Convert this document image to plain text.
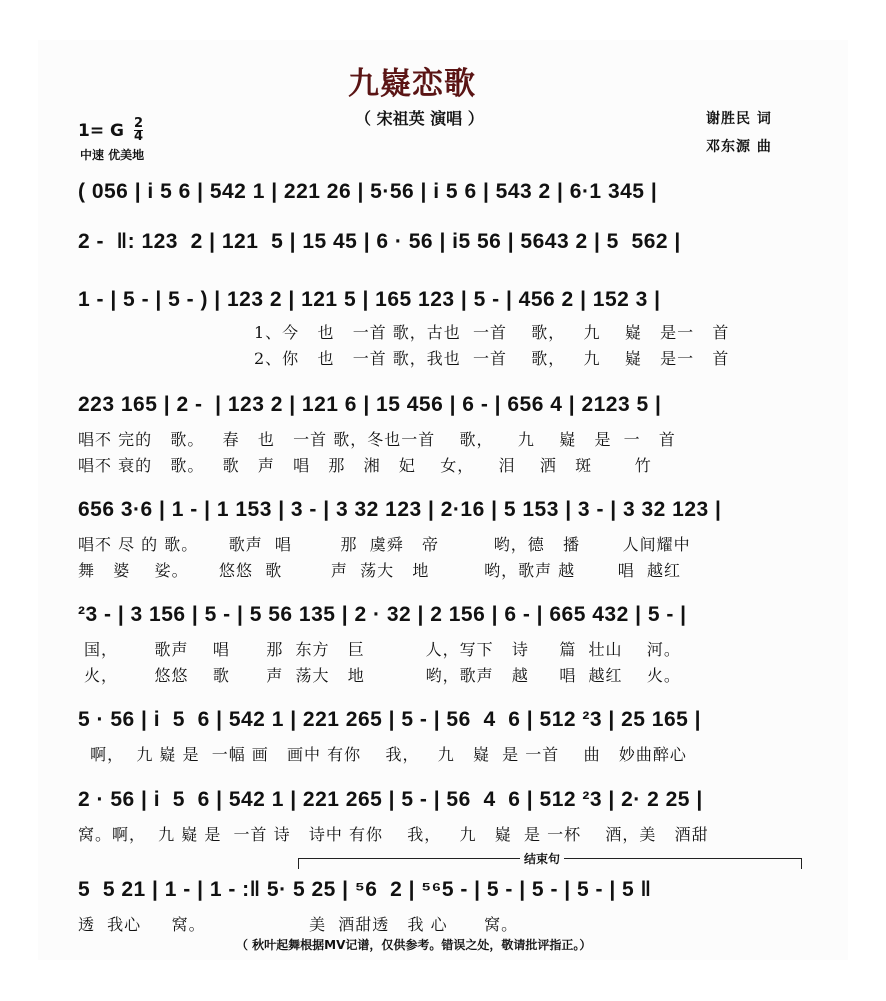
九嶷恋歌
（ 宋祖英 演唱 ）
1= G $\frac{2}{4}$
中速 优美地
谢胜民 词
邓东源 曲
( 056 | i 5 6 | 542 1 | 221 26 | 5·56 | i 5 6 | 543 2 | 6·1 345 |
2 -  ‖: 123  2 | 121  5 | 15 45 | 6 · 56 | i5 56 | 5643 2 | 5  562 |
1 - | 5 - | 5 - ) | 123 2 | 121 5 | 165 123 | 5 - | 456 2 | 152 3 |
1、今   也   一首 歌，古也  一首    歌，   九    嶷   是一   首
2、你   也   一首 歌，我也  一首    歌，   九    嶷   是一   首
223 165 | 2 -  | 123 2 | 121 6 | 15 456 | 6 - | 656 4 | 2123 5 |
唱不 完的   歌。   春   也   一首 歌，冬也一首    歌，    九    嶷   是  一   首
唱不 衰的   歌。   歌   声   唱   那   湘   妃    女，    泪    洒   斑       竹
656 3·6 | 1 - | 1 153 | 3 - | 3 32 123 | 2·16 | 5 153 | 3 - | 3 32 123 |
唱不 尽 的 歌。     歌声  唱        那  虞舜   帝         哟，德   播       人间耀中
舞   婆    娑。     悠悠  歌        声  荡大   地         哟，歌声 越       唱  越红
²3 - | 3 156 | 5 - | 5 56 135 | 2 · 32 | 2 156 | 6 - | 665 432 | 5 - |
国，      歌声    唱      那  东方   巨          人，写下   诗     篇  壮山    河。
火，      悠悠    歌      声  荡大   地          哟，歌声   越     唱  越红    火。
5 · 56 | i  5  6 | 542 1 | 221 265 | 5 - | 56  4  6 | 512 ²3 | 25 165 |
啊，  九 嶷 是  一幅 画   画中 有你    我，   九   嶷  是 一首    曲   妙曲醉心
2 · 56 | i  5  6 | 542 1 | 221 265 | 5 - | 56  4  6 | 512 ²3 | 2· 2 25 |
窝。啊，  九 嶷 是  一首 诗   诗中 有你    我，   九   嶷  是 一杯    酒，美   酒甜
结束句
5  5 21 | 1 - | 1 - :‖ 5· 5 25 | ⁵6  2 | ⁵⁶5 - | 5 - | 5 - | 5 - | 5 ‖
透  我心     窝。                 美  酒甜透   我 心      窝。
（ 秋叶起舞根据MV记谱，仅供参考。错误之处，敬请批评指正。）
